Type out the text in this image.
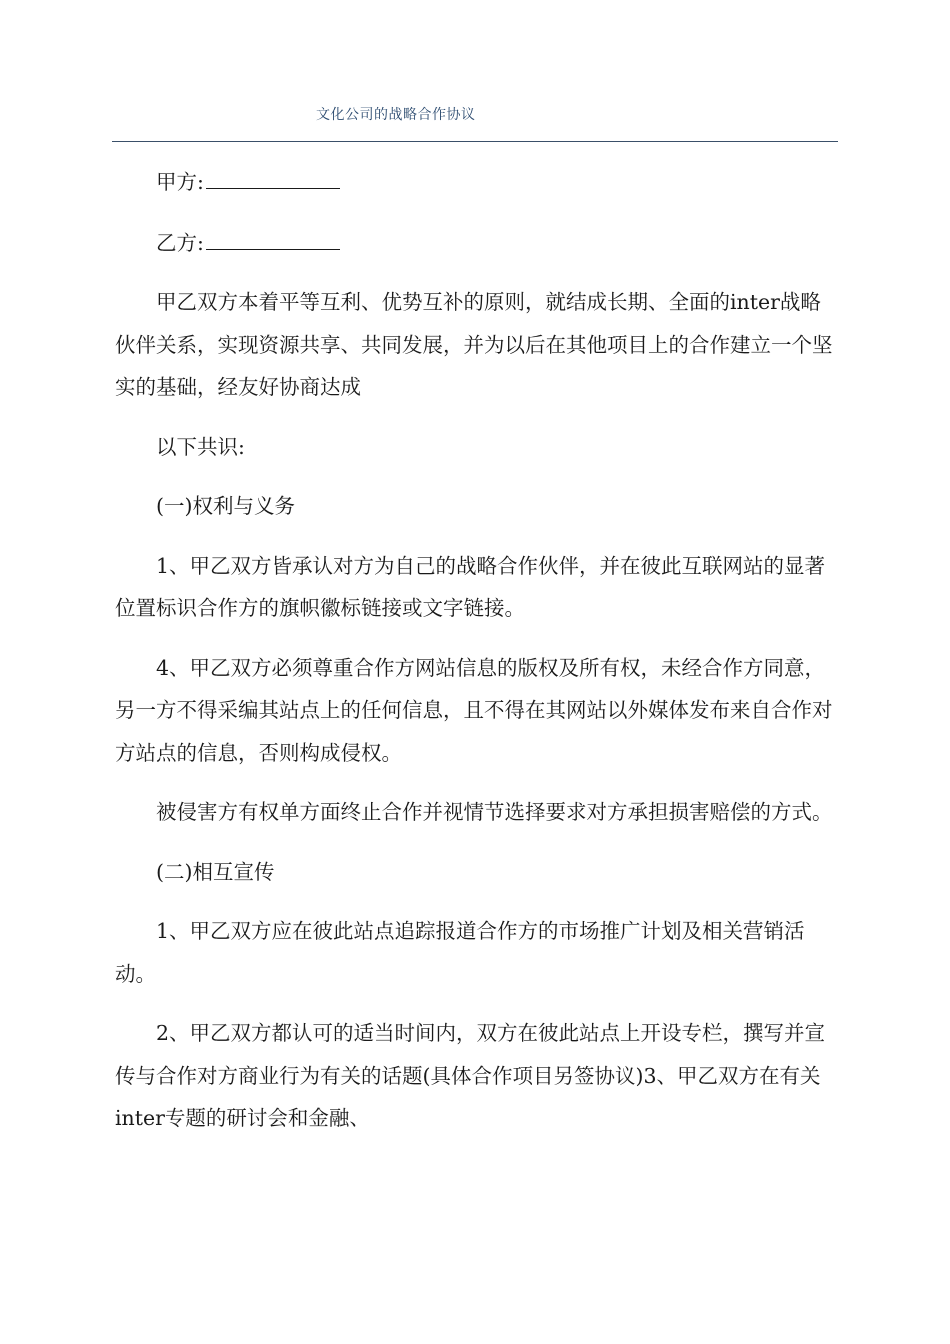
文化公司的战略合作协议

甲方:

乙方:

甲乙双方本着平等互利、优势互补的原则，就结成长期、全面的inter战略伙伴关系，实现资源共享、共同发展，并为以后在其他项目上的合作建立一个坚实的基础，经友好协商达成

以下共识:

(一)权利与义务

1、甲乙双方皆承认对方为自己的战略合作伙伴，并在彼此互联网站的显著位置标识合作方的旗帜徽标链接或文字链接。

4、甲乙双方必须尊重合作方网站信息的版权及所有权，未经合作方同意，另一方不得采编其站点上的任何信息，且不得在其网站以外媒体发布来自合作对方站点的信息，否则构成侵权。

被侵害方有权单方面终止合作并视情节选择要求对方承担损害赔偿的方式。

(二)相互宣传

1、甲乙双方应在彼此站点追踪报道合作方的市场推广计划及相关营销活动。

2、甲乙双方都认可的适当时间内，双方在彼此站点上开设专栏，撰写并宣传与合作对方商业行为有关的话题(具体合作项目另签协议)3、甲乙双方在有关inter专题的研讨会和金融、
